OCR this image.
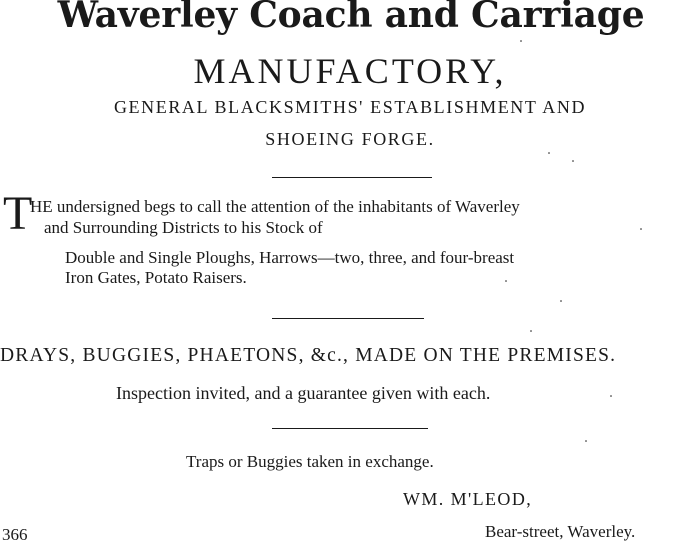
Waverley Coach and Carriage
MANUFACTORY,
GENERAL BLACKSMITHS' ESTABLISHMENT AND
SHOEING FORGE.
T
HE undersigned begs to call the attention of the inhabitants of Waverley
and Surrounding Districts to his Stock of
Double and Single Ploughs, Harrows—two, three, and four-breast
Iron Gates, Potato Raisers.
DRAYS, BUGGIES, PHAETONS, &c., MADE ON THE PREMISES.
Inspection invited, and a guarantee given with each.
Traps or Buggies taken in exchange.
WM. M'LEOD,
Bear-street, Waverley.
366
